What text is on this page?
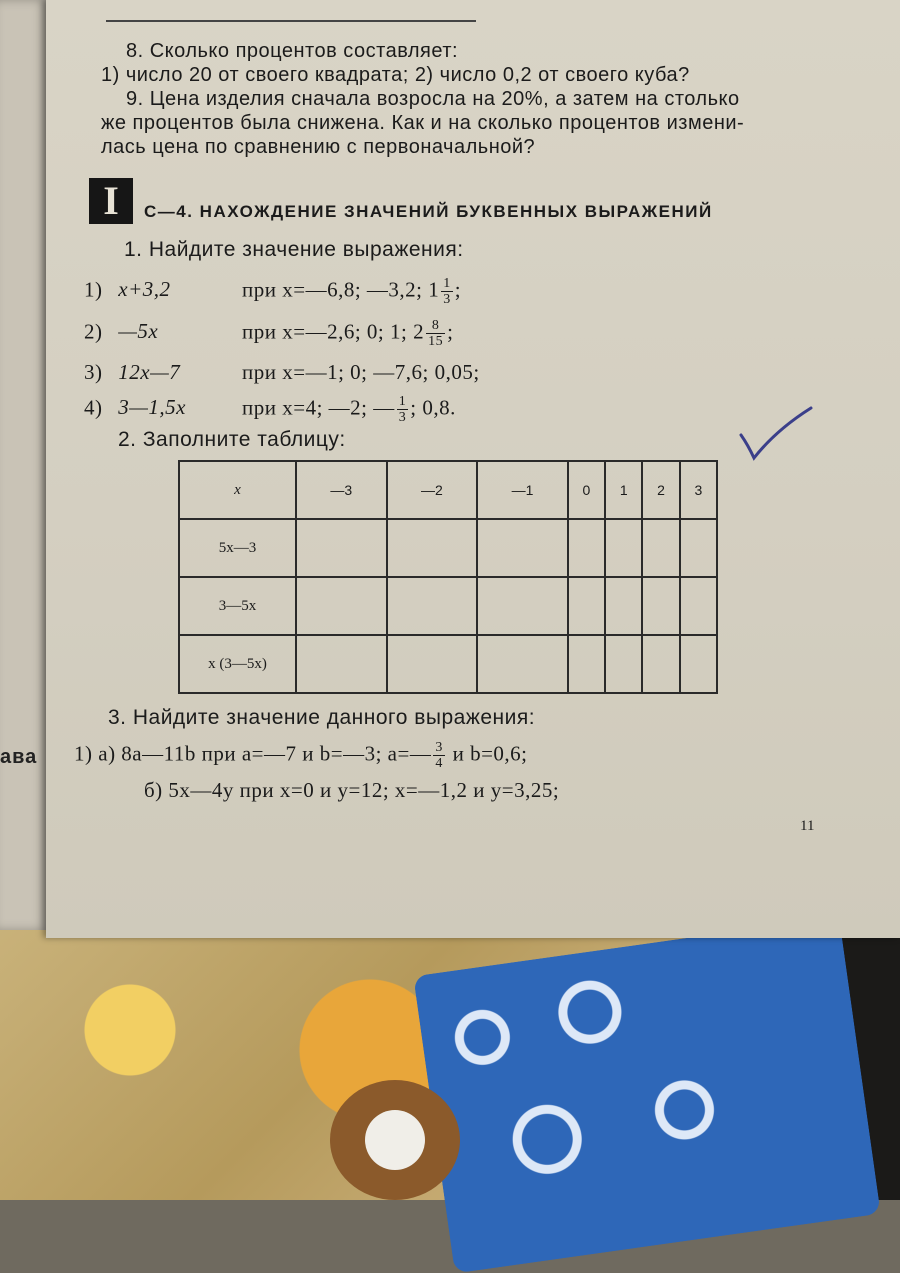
ава
8. Сколько процентов составляет:
1) число 20 от своего квадрата; 2) число 0,2 от своего куба?
9. Цена изделия сначала возросла на 20%, а затем на столько
же процентов была снижена. Как и на сколько процентов измени-
лась цена по сравнению с первоначальной?
I	С—4. НАХОЖДЕНИЕ ЗНАЧЕНИЙ БУКВЕННЫХ ВЫРАЖЕНИЙ
1. Найдите значение выражения:
1) x+3,2	при x=—6,8; —3,2; $1 \frac{1}{3}$ ;
2) —5x	при x=—2,6; 0; 1; $2 \frac{8}{15}$ ;
3) 12x—7	при x=—1; 0; —7,6; 0,05;
4) 3—1,5x	при x=4; —2; — $\frac{1}{3}$ ; 0,8.
2. Заполните таблицу:
x	—3	—2	—1	0	1	2	3
5x—3							
3—5x							
x (3—5x)							
3. Найдите значение данного выражения:
1) а) 8a—11b при a=—7 и b=—3; a=— $\frac{3}{4}$ и b=0,6;
б) 5x—4y при x=0 и y=12; x=—1,2 и y=3,25;
11
